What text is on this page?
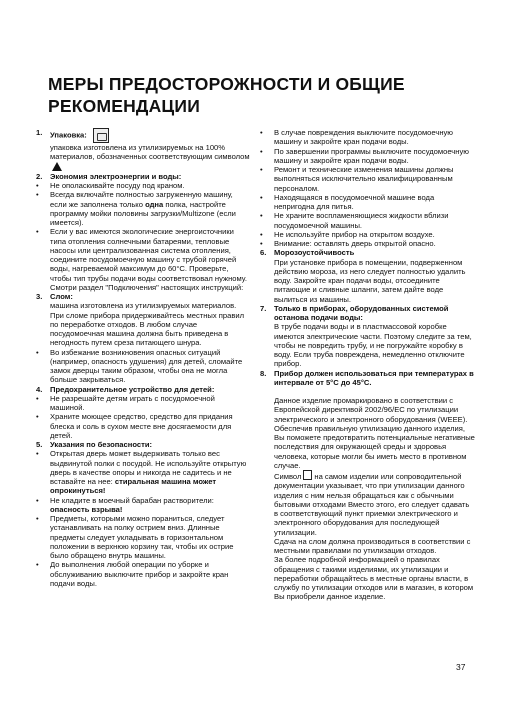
МЕРЫ ПРЕДОСТОРОЖНОСТИ И ОБЩИЕ
РЕКОМЕНДАЦИИ
1.	Упаковка:
упаковка изготовлена из утилизируемых на 100% материалов, обозначенных соответствующим символом
2.	Экономия электроэнергии и воды:
•	Не ополаскивайте посуду под краном.
•	Всегда включайте полностью загруженную машину, если же заполнена только одна полка, настройте программу мойки половины загрузки/Multizone (если имеется).
•	Если у вас имеются экологические энергоисточники типа отопления солнечными батареями, тепловые насосы или централизованная система отопления, соедините посудомоечную машину с трубой горячей воды, нагреваемой максимум до 60°C. Проверьте, чтобы тип трубы подачи воды соответствовал нужному. Смотри раздел "Подключения" настоящих инструкций:
3.	Слом:
машина изготовлена из утилизируемых материалов. При сломе прибора придерживайтесь местных правил по переработке отходов. В любом случае посудомоечная машина должна быть приведена в негодность путем среза питающего шнура.
•	Во избежание возникновения опасных ситуаций (например, опасность удушения) для детей, сломайте замок дверцы таким образом, чтобы она не могла больше закрываться.
4.	Предохранительное устройство для детей:
•	Не разрешайте детям играть с посудомоечной машиной.
•	Храните моющее средство, средство для придания блеска и соль в сухом месте вне досягаемости для детей.
5.	Указания по безопасности:
•	Открытая дверь может выдерживать только вес выдвинутой полки с посудой. Не используйте открытую дверь в качестве опоры и никогда не садитесь и не вставайте на нее: стиральная машина может опрокинуться!
•	Не кладите в моечный барабан растворители: опасность взрыва!
•	Предметы, которыми можно пораниться, следует устанавливать на полку острием вниз. Длинные предметы следует укладывать в горизонтальном положении в верхнюю корзину так, чтобы их острие было обращено внутрь машины.
•	До выполнения любой операции по уборке и обслуживанию выключите прибор и закройте кран подачи воды.
•	В случае повреждения выключите посудомоечную машину и закройте кран подачи воды.
•	По завершении программы выключите посудомоечную машину и закройте кран подачи воды.
•	Ремонт и технические изменения машины должны выполняться исключительно квалифицированным персоналом.
•	Находящаяся в посудомоечной машине вода непригодна для питья.
•	Не храните воспламеняющиеся жидкости вблизи посудомоечной машины.
•	Не используйте прибор на открытом воздухе.
•	Внимание: оставлять дверь открытой опасно.
6.	Морозоустойчивость
При установке прибора в помещении, подверженном действию мороза, из него следует полностью удалить воду. Закройте кран подачи воды, отсоедините питающие и сливные шланги, затем дайте воде вылиться из машины.
7.	Только в приборах, оборудованных системой останова подачи воды:
В трубе подачи воды и в пластмассовой коробке имеются электрические части. Поэтому следите за тем, чтобы не повредить трубу, и не погружайте коробку в воду. Если труба повреждена, немедленно отключите прибор.
8.	Прибор должен использоваться при температурах в интервале от 5°C до 45°C.
Данное изделие промаркировано в соответствии с Европейской директивой 2002/96/EC по утилизации электрического и электронного оборудования (WEEE). Обеспечив правильную утилизацию данного изделия, Вы поможете предотвратить потенциальные негативные последствия для окружающей среды и здоровья человека, которые могли бы иметь место в противном случае.
Символ на самом изделии или сопроводительной документации указывает, что при утилизации данного изделия с ним нельзя обращаться как с обычными бытовыми отходами Вместо этого, его следует сдавать в соответствующий пункт приемки электрического и электронного оборудования для последующей утилизации.
Сдача на слом должна производиться в соответствии с местными правилами по утилизации отходов.
За более подробной информацией о правилах обращения с такими изделиями, их утилизации и переработки обращайтесь в местные органы власти, в службу по утилизации отходов или в магазин, в котором Вы приобрели данное изделие.
37
